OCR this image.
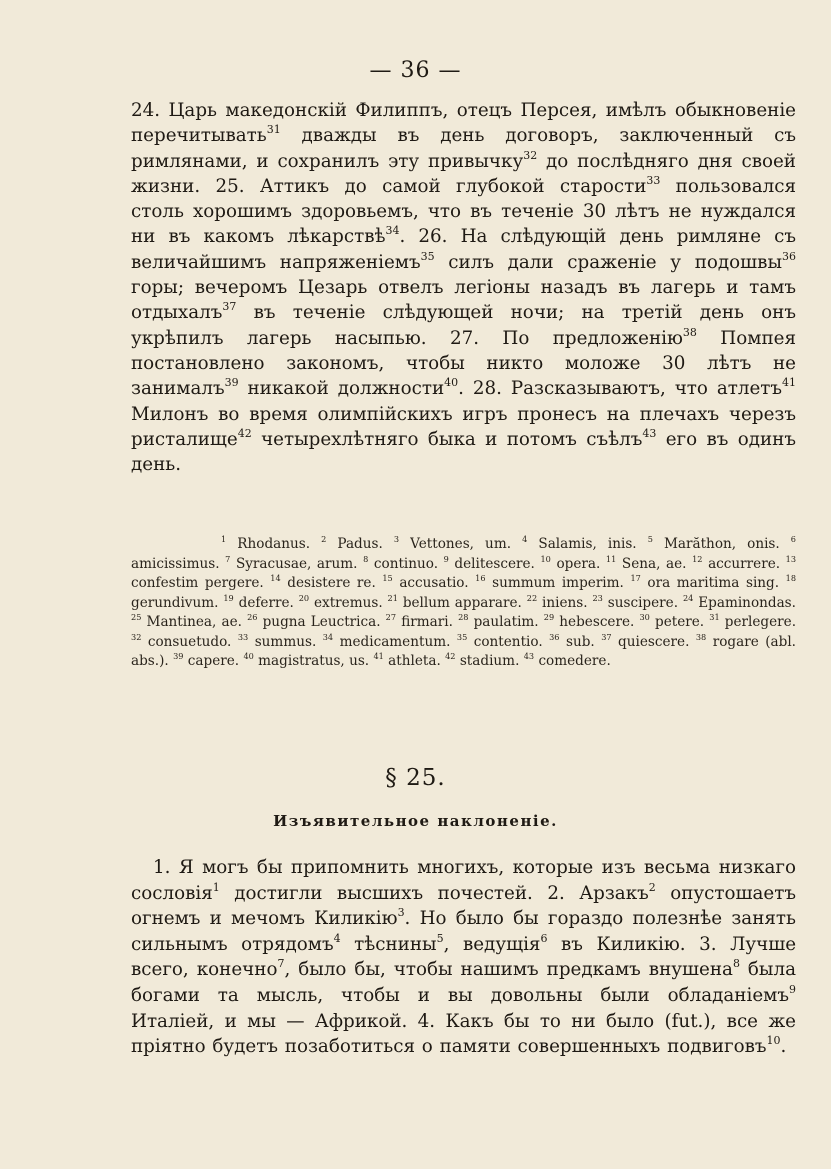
— 36 —

24. Царь македонскій Филиппъ, отецъ Персея, имѣлъ обыкновеніе перечитывать$^{31}$ дважды въ день договоръ, заключенный съ римлянами, и сохранилъ эту привычку$^{32}$ до послѣдняго дня своей жизни. 25. Аттикъ до самой глубокой старости$^{33}$ пользовался столь хорошимъ здоровьемъ, что въ теченіе 30 лѣтъ не нуждался ни въ какомъ лѣкарствѣ$^{34}$. 26. На слѣдующій день римляне съ величайшимъ напряженіемъ$^{35}$ силъ дали сраженіе у подошвы$^{36}$ горы; вечеромъ Цезарь отвелъ легіоны назадъ въ лагерь и тамъ отдыхалъ$^{37}$ въ теченіе слѣдующей ночи; на третій день онъ укрѣпилъ лагерь насыпью. 27. По предложенію$^{38}$ Помпея постановлено закономъ, чтобы никто моложе 30 лѣтъ не занималъ$^{39}$ никакой должности$^{40}$. 28. Разсказываютъ, что атлетъ$^{41}$ Милонъ во время олимпійскихъ игръ пронесъ на плечахъ черезъ ристалище$^{42}$ четырехлѣтняго быка и потомъ съѣлъ$^{43}$ его въ одинъ день.

$^1$ Rhodanus. $^2$ Padus. $^3$ Vettones, um. $^4$ Salamis, inis. $^5$ Marăthon, onis. $^6$ amicissimus. $^7$ Syracusae, arum. $^8$ continuo. $^9$ delitescere. $^{10}$ opera. $^{11}$ Sena, ae. $^{12}$ accurrere. $^{13}$ confestim pergere. $^{14}$ desistere re. $^{15}$ accusatio. $^{16}$ summum imperim. $^{17}$ ora maritima sing. $^{18}$ gerundivum. $^{19}$ deferre. $^{20}$ extremus. $^{21}$ bellum apparare. $^{22}$ iniens. $^{23}$ suscipere. $^{24}$ Epaminondas. $^{25}$ Mantinea, ae. $^{26}$ pugna Leuctrica. $^{27}$ firmari. $^{28}$ paulatim. $^{29}$ hebescere. $^{30}$ petere. $^{31}$ perlegere. $^{32}$ consuetudo. $^{33}$ summus. $^{34}$ medicamentum. $^{35}$ contentio. $^{36}$ sub. $^{37}$ quiescere. $^{38}$ rogare (abl. abs.). $^{39}$ capere. $^{40}$ magistratus, us. $^{41}$ athleta. $^{42}$ stadium. $^{43}$ comedere.
§ 25.
Изъявительное наклоненіе.

1. Я могъ бы припомнить многихъ, которые изъ весьма низкаго сословія$^1$ достигли высшихъ почестей. 2. Арзакъ$^2$ опустошаетъ огнемъ и мечомъ Киликію$^3$. Но было бы гораздо полезнѣе занять сильнымъ отрядомъ$^4$ тѣснины$^5$, ведущія$^6$ въ Киликію. 3. Лучше всего, конечно$^7$, было бы, чтобы нашимъ предкамъ внушена$^8$ была богами та мысль, чтобы и вы довольны были обладаніемъ$^9$ Италіей, и мы — Африкой. 4. Какъ бы то ни было (fut.), все же пріятно будетъ позаботиться о памяти совершенныхъ подвиговъ$^{10}$.
